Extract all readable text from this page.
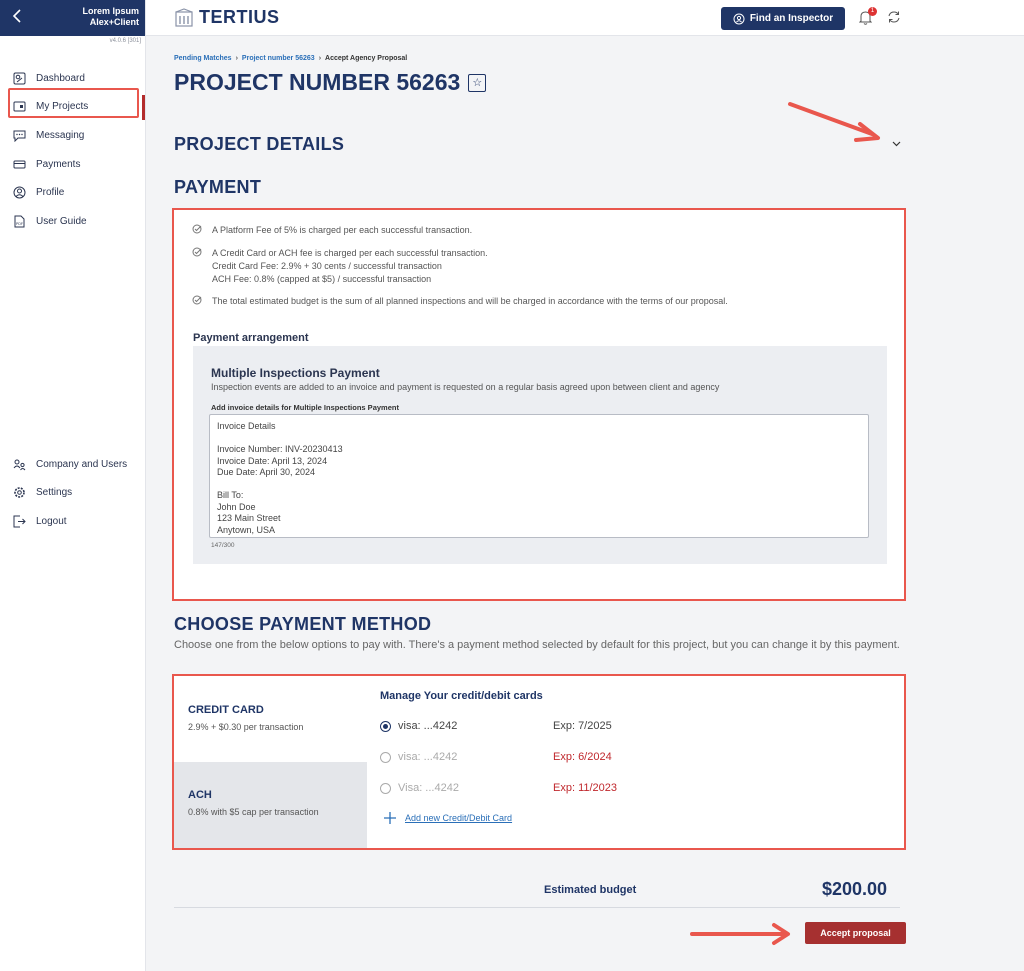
Lorem Ipsum
Alex+Client
v4.0.6 [301]
Dashboard
My Projects
Messaging
Payments
Profile
PDF User Guide
Company and Users
Settings
Logout
TERTIUS	Find an Inspector
1
Pending Matches › Project number 56263 › Accept Agency Proposal
PROJECT NUMBER 56263	☆
PROJECT DETAILS
PAYMENT
A Platform Fee of 5% is charged per each successful transaction.
A Credit Card or ACH fee is charged per each successful transaction.
Credit Card Fee: 2.9% + 30 cents / successful transaction
ACH Fee: 0.8% (capped at $5) / successful transaction
The total estimated budget is the sum of all planned inspections and will be charged in accordance with the terms of our proposal.
Payment arrangement
Multiple Inspections Payment
Inspection events are added to an invoice and payment is requested on a regular basis agreed upon between client and agency
Add invoice details for Multiple Inspections Payment
Invoice Details

Invoice Number: INV-20230413
Invoice Date: April 13, 2024
Due Date: April 30, 2024

Bill To:
John Doe
123 Main Street
Anytown, USA
147/300
CHOOSE PAYMENT METHOD

Choose one from the below options to pay with. There's a payment method selected by default for this project, but you can change it by this payment.

CREDIT CARD
2.9% + $0.30 per transaction
ACH
0.8% with $5 cap per transaction
Manage Your credit/debit cards
visa: ...4242	Exp: 7/2025
visa: ...4242	Exp: 6/2024
Visa: ...4242	Exp: 11/2023
Add new Credit/Debit Card
Estimated budget	$200.00
Accept proposal
